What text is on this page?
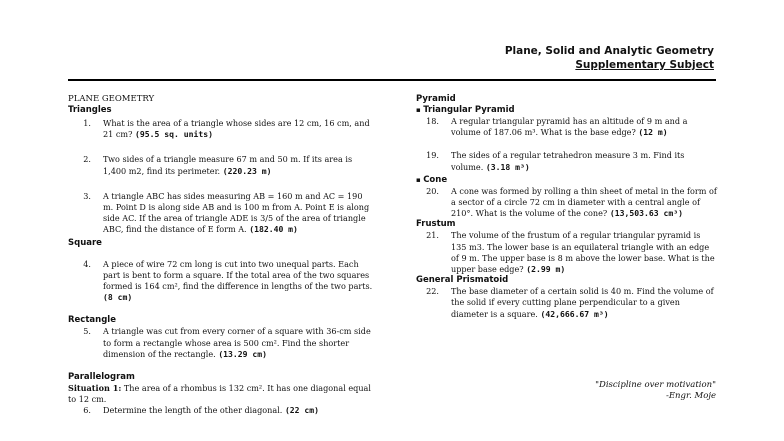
Plane, Solid and Analytic Geometry
Supplementary Subject
PLANE GEOMETRY
Triangles
1.	What is the area of a triangle whose sides are 12 cm, 16 cm, and 21 cm? (95.5 sq. units)
2.	Two sides of a triangle measure 67 m and 50 m. If its area is 1,400 m2, find its perimeter. (220.23 m)
3.	A triangle ABC has sides measuring AB = 160 m and AC = 190 m. Point D is along side AB and is 100 m from A. Point E is along side AC. If the area of triangle ADE is 3/5 of the area of triangle ABC, find the distance of E form A. (182.40 m)
Square
4.	A piece of wire 72 cm long is cut into two unequal parts. Each part is bent to form a square. If the total area of the two squares formed is 164 cm², find the difference in lengths of the two parts. (8 cm)
Rectangle
5.	A triangle was cut from every corner of a square with 36-cm side to form a rectangle whose area is 500 cm². Find the shorter dimension of the rectangle. (13.29 cm)
Parallelogram
Situation 1: The area of a rhombus is 132 cm². It has one diagonal equal to 12 cm.
6.	Determine the length of the other diagonal. (22 cm)
Pyramid
▪ Triangular Pyramid
18.	A regular triangular pyramid has an altitude of 9 m and a volume of 187.06 m³. What is the base edge? (12 m)
19.	The sides of a regular tetrahedron measure 3 m. Find its volume. (3.18 m³)
▪ Cone
20.	A cone was formed by rolling a thin sheet of metal in the form of a sector of a circle 72 cm in diameter with a central angle of 210°. What is the volume of the cone? (13,503.63 cm³)
Frustum
21.	The volume of the frustum of a regular triangular pyramid is 135 m3. The lower base is an equilateral triangle with an edge of 9 m. The upper base is 8 m above the lower base. What is the upper base edge? (2.99 m)
General Prismatoid
22.	The base diameter of a certain solid is 40 m. Find the volume of the solid if every cutting plane perpendicular to a given diameter is a square. (42,666.67 m³)
"Discipline over motivation"
-Engr. Moje
